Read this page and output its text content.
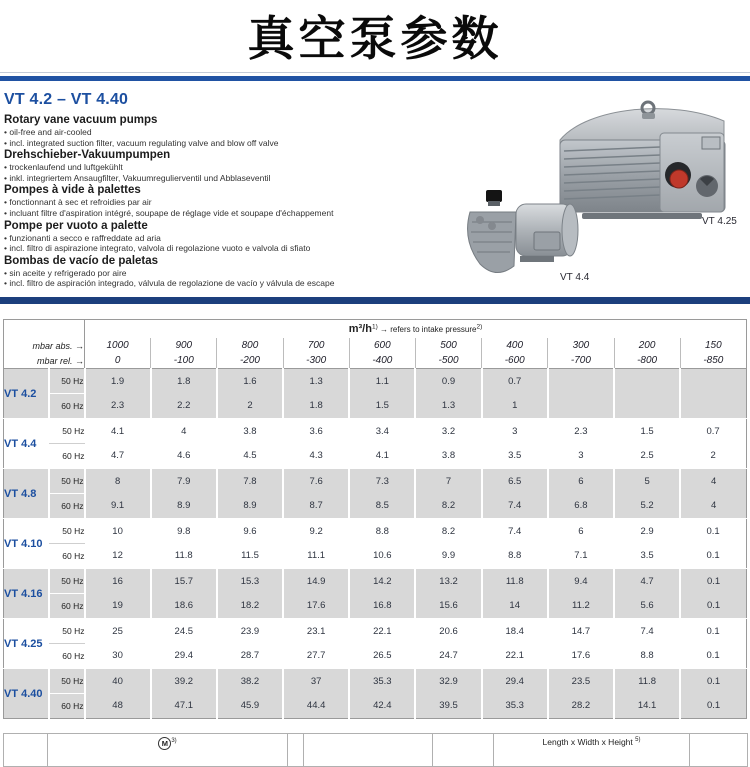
真空泵参数
VT 4.2 – VT 4.40
Rotary vane vacuum pumps
• oil-free and air-cooled
• incl. integrated suction filter, vacuum regulating valve and blow off valve
Drehschieber-Vakuumpumpen
• trockenlaufend und luftgekühlt
• inkl. integriertem Ansaugfilter, Vakuumregulierventil und Abblaseventil
Pompes à vide à palettes
• fonctionnant à sec et refroidies par air
• incluant filtre d'aspiration intégré, soupape de réglage vide et soupape d'échappement
Pompe per vuoto a palette
• funzionanti a secco e raffreddate ad aria
• incl. filtro di aspirazione integrato, valvola di regolazione vuoto e valvola di sfiato
Bombas de vacío de paletas
• sin aceite y refrigerado por aire
• incl. filtro de aspiración integrado, válvula de regolazione de vacío y válvula de escape
VT 4.25
VT 4.4
		$m^3/h^{1)}$ → refers to intake pressure$^{2)}$
mbar abs. →		1000	900	800	700	600	500	400	300	200	150
mbar rel. →		0	-100	-200	-300	-400	-500	-600	-700	-800	-850
VT 4.2	50 Hz	1.9	1.8	1.6	1.3	1.1	0.9	0.7			
	60 Hz	2.3	2.2	2	1.8	1.5	1.3	1			
VT 4.4	50 Hz	4.1	4	3.8	3.6	3.4	3.2	3	2.3	1.5	0.7
	60 Hz	4.7	4.6	4.5	4.3	4.1	3.8	3.5	3	2.5	2
VT 4.8	50 Hz	8	7.9	7.8	7.6	7.3	7	6.5	6	5	4
	60 Hz	9.1	8.9	8.9	8.7	8.5	8.2	7.4	6.8	5.2	4
VT 4.10	50 Hz	10	9.8	9.6	9.2	8.8	8.2	7.4	6	2.9	0.1
	60 Hz	12	11.8	11.5	11.1	10.6	9.9	8.8	7.1	3.5	0.1
VT 4.16	50 Hz	16	15.7	15.3	14.9	14.2	13.2	11.8	9.4	4.7	0.1
	60 Hz	19	18.6	18.2	17.6	16.8	15.6	14	11.2	5.6	0.1
VT 4.25	50 Hz	25	24.5	23.9	23.1	22.1	20.6	18.4	14.7	7.4	0.1
	60 Hz	30	29.4	28.7	27.7	26.5	24.7	22.1	17.6	8.8	0.1
VT 4.40	50 Hz	40	39.2	38.2	37	35.3	32.9	29.4	23.5	11.8	0.1
	60 Hz	48	47.1	45.9	44.4	42.4	39.5	35.3	28.2	14.1	0.1
	M $^{3)}$				Length x Width x Height $^{5)}$	
